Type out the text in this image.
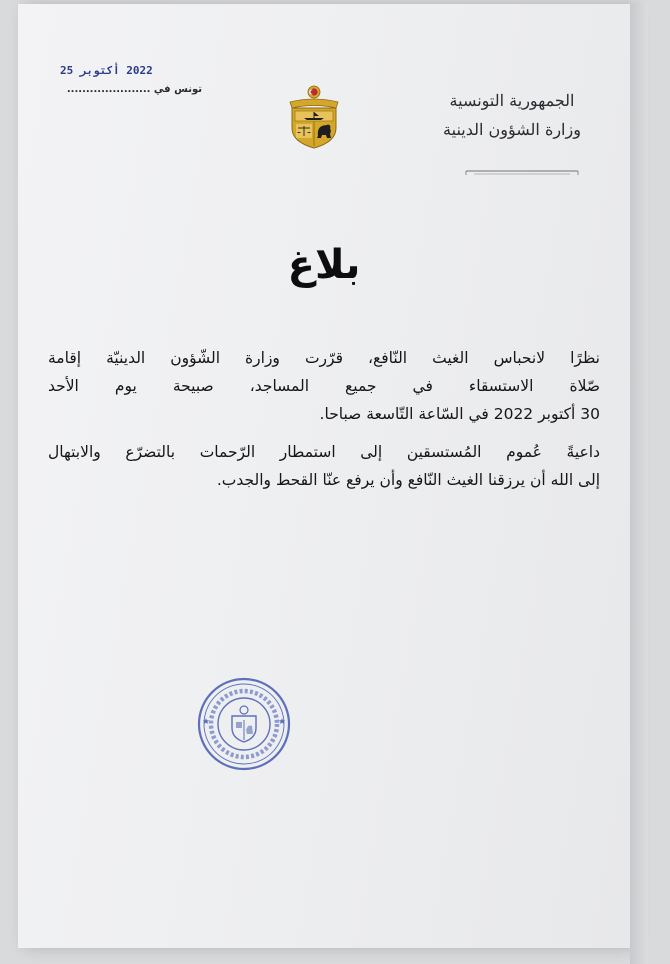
الجمهورية التونسية
وزارة الشؤون الدينية
2022 أكتوبر 25
تونس في ......................
بلاغ
نظرًا لانحباس الغيث النّافع، قرّرت وزارة الشّؤون الدينيّة إقامة
صّلاة الاستسقاء في جميع المساجد، صبيحة يوم الأحد
30 أكتوبر 2022 في السّاعة التّاسعة صباحا.
داعيةً عُموم المُستسقين إلى استمطار الرّحمات بالتضرّع والابتهال
إلى الله أن يرزقنا الغيث النّافع وأن يرفع عنّا القحط والجدب.
